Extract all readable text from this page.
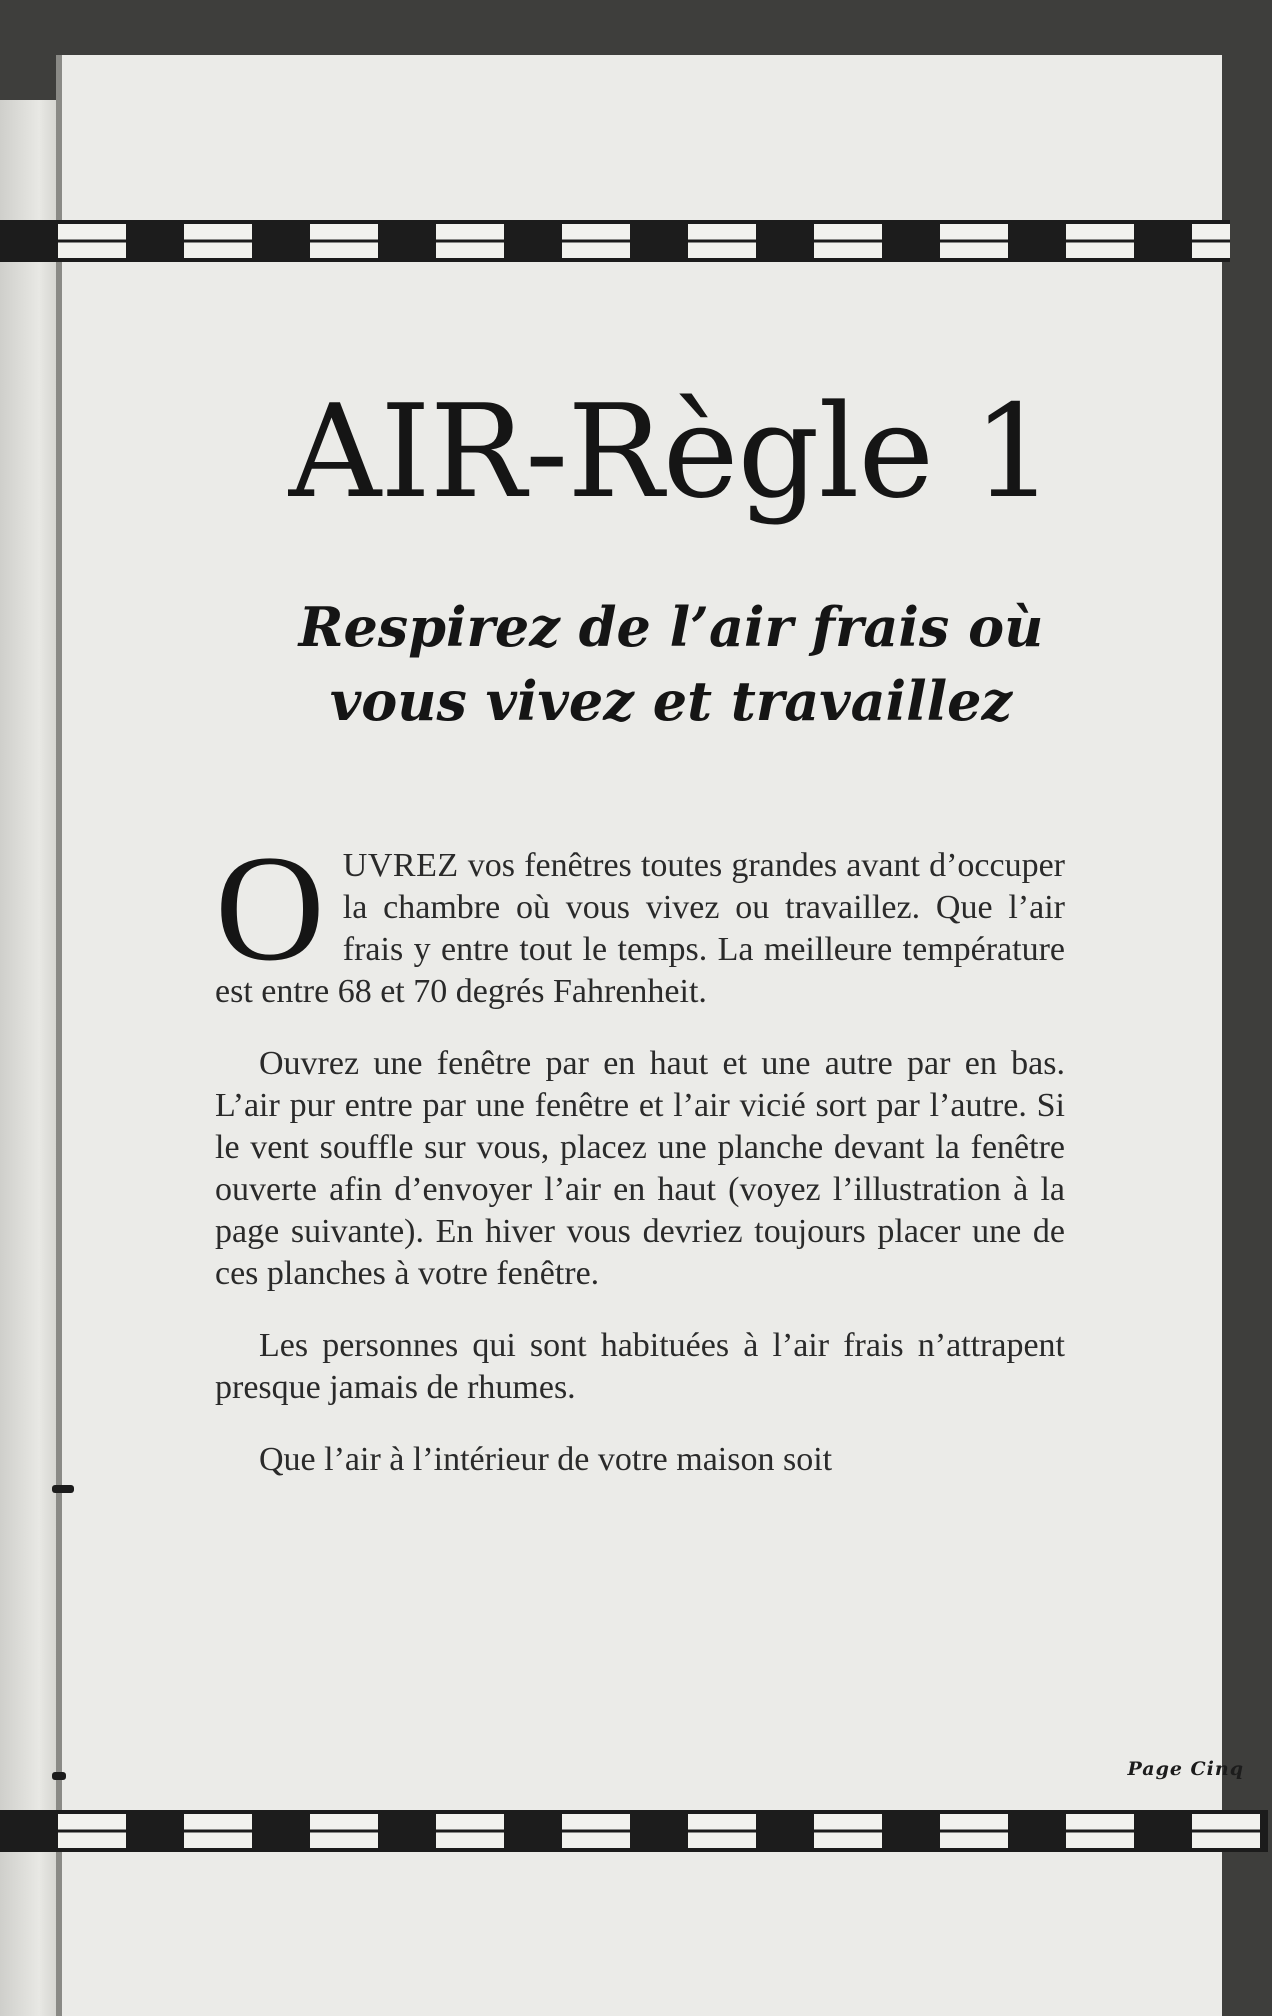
AIR-Règle 1
Respirez de l’air frais où
vous vivez et travaillez

OUVREZ vos fenêtres toutes grandes avant d’occuper la chambre où vous vivez ou travaillez. Que l’air frais y entre tout le temps. La meilleure température est entre 68 et 70 degrés Fahrenheit.

Ouvrez une fenêtre par en haut et une autre par en bas. L’air pur entre par une fenêtre et l’air vicié sort par l’autre. Si le vent souffle sur vous, placez une planche devant la fenêtre ouverte afin d’envoyer l’air en haut (voyez l’illustration à la page suivante). En hiver vous devriez toujours placer une de ces planches à votre fenêtre.

Les personnes qui sont habituées à l’air frais n’attrapent presque jamais de rhumes.

Que l’air à l’intérieur de votre maison soit

Page Cinq
